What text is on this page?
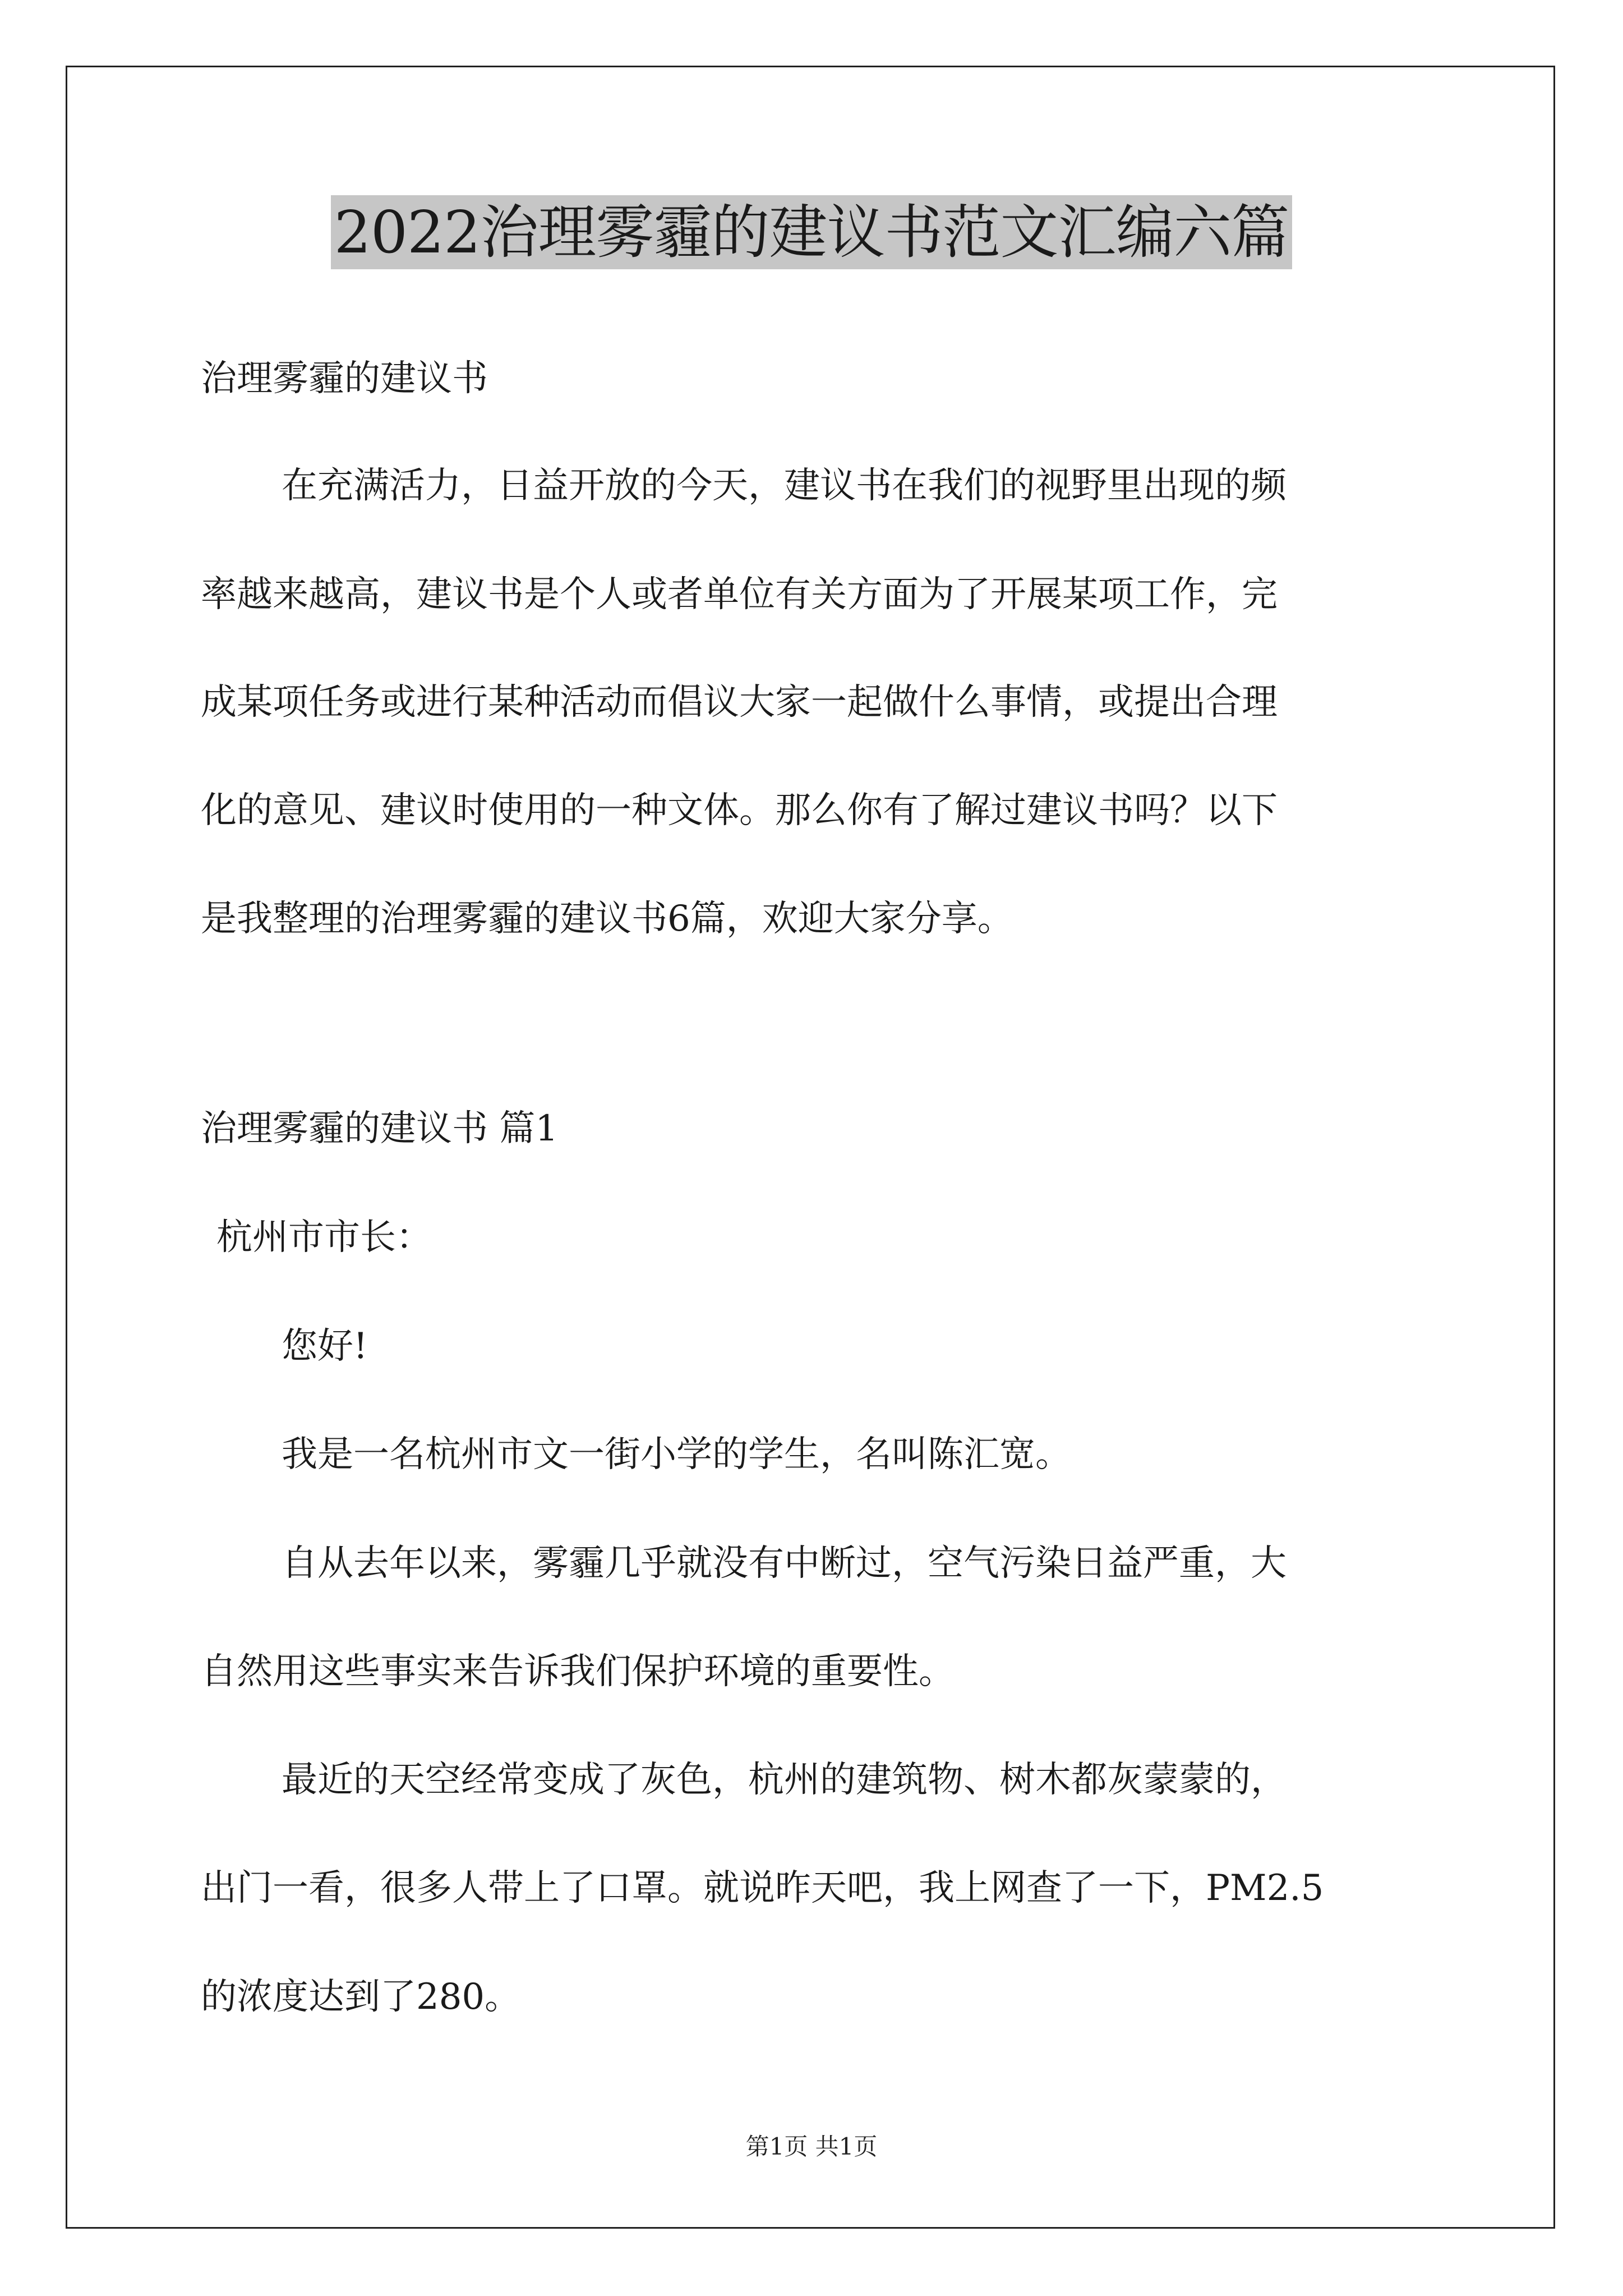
2022治理雾霾的建议书范文汇编六篇
治理雾霾的建议书
在充满活力，日益开放的今天，建议书在我们的视野里出现的频
率越来越高，建议书是个人或者单位有关方面为了开展某项工作，完
成某项任务或进行某种活动而倡议大家一起做什么事情，或提出合理
化的意见、建议时使用的一种文体。那么你有了解过建议书吗？以下
是我整理的治理雾霾的建议书6篇，欢迎大家分享。
治理雾霾的建议书 篇1
杭州市市长：
您好!
我是一名杭州市文一街小学的学生，名叫陈汇宽。
自从去年以来，雾霾几乎就没有中断过，空气污染日益严重，大
自然用这些事实来告诉我们保护环境的重要性。
最近的天空经常变成了灰色，杭州的建筑物、树木都灰蒙蒙的，
出门一看，很多人带上了口罩。就说昨天吧，我上网查了一下，PM2.5
的浓度达到了280。
第1页 共1页
